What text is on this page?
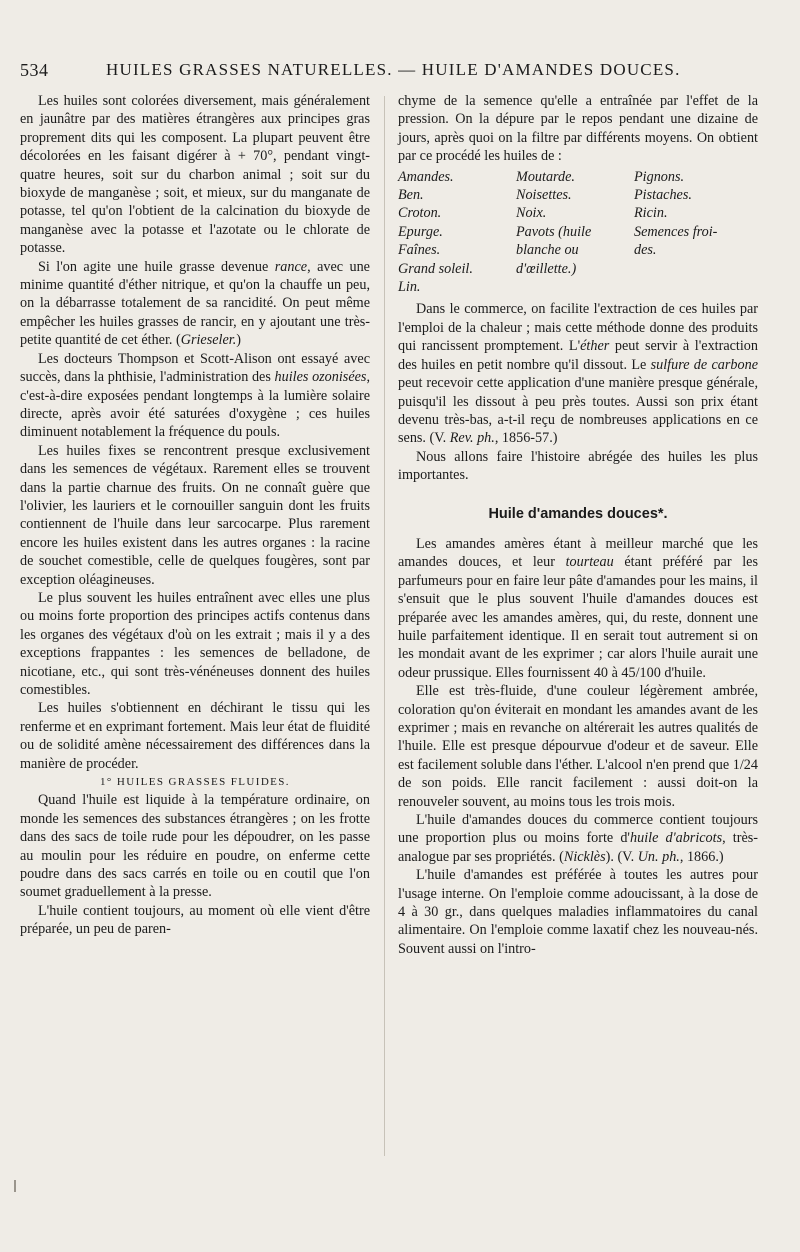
534	HUILES GRASSES NATURELLES. — HUILE D'AMANDES DOUCES.

Les huiles sont colorées diversement, mais généralement en jaunâtre par des matières étrangères aux principes gras proprement dits qui les composent. La plupart peuvent être décolorées en les faisant digérer à + 70°, pendant vingt-quatre heures, soit sur du charbon animal ; soit sur du bioxyde de manganèse ; soit, et mieux, sur du manganate de potasse, tel qu'on l'obtient de la calcination du bioxyde de manganèse avec la potasse et l'azotate ou le chlorate de potasse.

Si l'on agite une huile grasse devenue rance, avec une minime quantité d'éther nitrique, et qu'on la chauffe un peu, on la débarrasse totalement de sa rancidité. On peut même empêcher les huiles grasses de rancir, en y ajoutant une très-petite quantité de cet éther. (Grieseler.)

Les docteurs Thompson et Scott-Alison ont essayé avec succès, dans la phthisie, l'administration des huiles ozonisées, c'est-à-dire exposées pendant longtemps à la lumière solaire directe, après avoir été saturées d'oxygène ; ces huiles diminuent notablement la fréquence du pouls.

Les huiles fixes se rencontrent presque exclusivement dans les semences de végétaux. Rarement elles se trouvent dans la partie charnue des fruits. On ne connaît guère que l'olivier, les lauriers et le cornouiller sanguin dont les fruits contiennent de l'huile dans leur sarcocarpe. Plus rarement encore les huiles existent dans les autres organes : la racine de souchet comestible, celle de quelques fougères, sont par exception oléagineuses.

Le plus souvent les huiles entraînent avec elles une plus ou moins forte proportion des principes actifs contenus dans les organes des végétaux d'où on les extrait ; mais il y a des exceptions frappantes : les semences de belladone, de nicotiane, etc., qui sont très-vénéneuses donnent des huiles comestibles.

Les huiles s'obtiennent en déchirant le tissu qui les renferme et en exprimant fortement. Mais leur état de fluidité ou de solidité amène nécessairement des différences dans la manière de procéder.

1° HUILES GRASSES FLUIDES.

Quand l'huile est liquide à la température ordinaire, on monde les semences des substances étrangères ; on les frotte dans des sacs de toile rude pour les dépoudrer, on les passe au moulin pour les réduire en poudre, on enferme cette poudre dans des sacs carrés en toile ou en coutil que l'on soumet graduellement à la presse.

L'huile contient toujours, au moment où elle vient d'être préparée, un peu de paren-

chyme de la semence qu'elle a entraînée par l'effet de la pression. On la dépure par le repos pendant une dizaine de jours, après quoi on la filtre par différents moyens. On obtient par ce procédé les huiles de :

Amandes.	Moutarde.	Pignons.
Ben.	Noisettes.	Pistaches.
Croton.	Noix.	Ricin.
Epurge.	Pavots (huile	Semences froi-
Faînes.	blanche ou	des.
Grand soleil.	d'œillette.)
Lin.

Dans le commerce, on facilite l'extraction de ces huiles par l'emploi de la chaleur ; mais cette méthode donne des produits qui rancissent promptement. L'éther peut servir à l'extraction des huiles en petit nombre qu'il dissout. Le sulfure de carbone peut recevoir cette application d'une manière presque générale, puisqu'il les dissout à peu près toutes. Aussi son prix étant devenu très-bas, a-t-il reçu de nombreuses applications en ce sens. (V. Rev. ph., 1856-57.)

Nous allons faire l'histoire abrégée des huiles les plus importantes.

Huile d'amandes douces*.

Les amandes amères étant à meilleur marché que les amandes douces, et leur tourteau étant préféré par les parfumeurs pour en faire leur pâte d'amandes pour les mains, il s'ensuit que le plus souvent l'huile d'amandes douces est préparée avec les amandes amères, qui, du reste, donnent une huile parfaitement identique. Il en serait tout autrement si on les mondait avant de les exprimer ; car alors l'huile aurait une odeur prussique. Elles fournissent 40 à 45/100 d'huile.

Elle est très-fluide, d'une couleur légèrement ambrée, coloration qu'on éviterait en mondant les amandes avant de les exprimer ; mais en revanche on altérerait les autres qualités de l'huile. Elle est presque dépourvue d'odeur et de saveur. Elle est facilement soluble dans l'éther. L'alcool n'en prend que 1/24 de son poids. Elle rancit facilement : aussi doit-on la renouveler souvent, au moins tous les trois mois.

L'huile d'amandes douces du commerce contient toujours une proportion plus ou moins forte d'huile d'abricots, très-analogue par ses propriétés. (Nicklès). (V. Un. ph., 1866.)

L'huile d'amandes est préférée à toutes les autres pour l'usage interne. On l'emploie comme adoucissant, à la dose de 4 à 30 gr., dans quelques maladies inflammatoires du canal alimentaire. On l'emploie comme laxatif chez les nouveau-nés. Souvent aussi on l'intro-
